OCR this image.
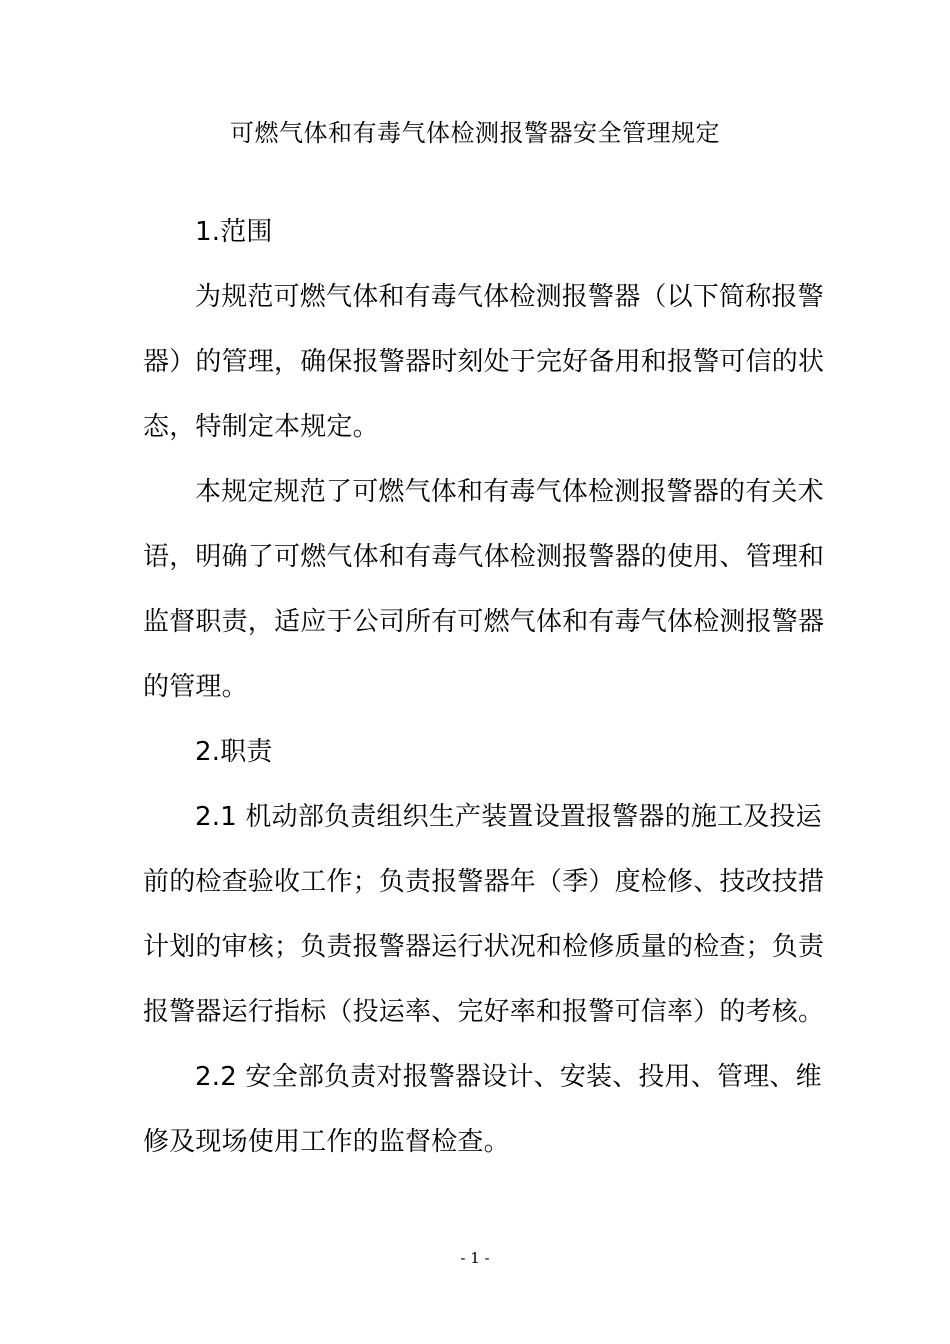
可燃气体和有毒气体检测报警器安全管理规定
1.范围

为规范可燃气体和有毒气体检测报警器（以下简称报警器）的管理，确保报警器时刻处于完好备用和报警可信的状态，特制定本规定。

本规定规范了可燃气体和有毒气体检测报警器的有关术语，明确了可燃气体和有毒气体检测报警器的使用、管理和监督职责，适应于公司所有可燃气体和有毒气体检测报警器的管理。

2.职责

2.1 机动部负责组织生产装置设置报警器的施工及投运前的检查验收工作；负责报警器年（季）度检修、技改技措计划的审核；负责报警器运行状况和检修质量的检查；负责报警器运行指标（投运率、完好率和报警可信率）的考核。

2.2 安全部负责对报警器设计、安装、投用、管理、维修及现场使用工作的监督检查。

- 1 -
